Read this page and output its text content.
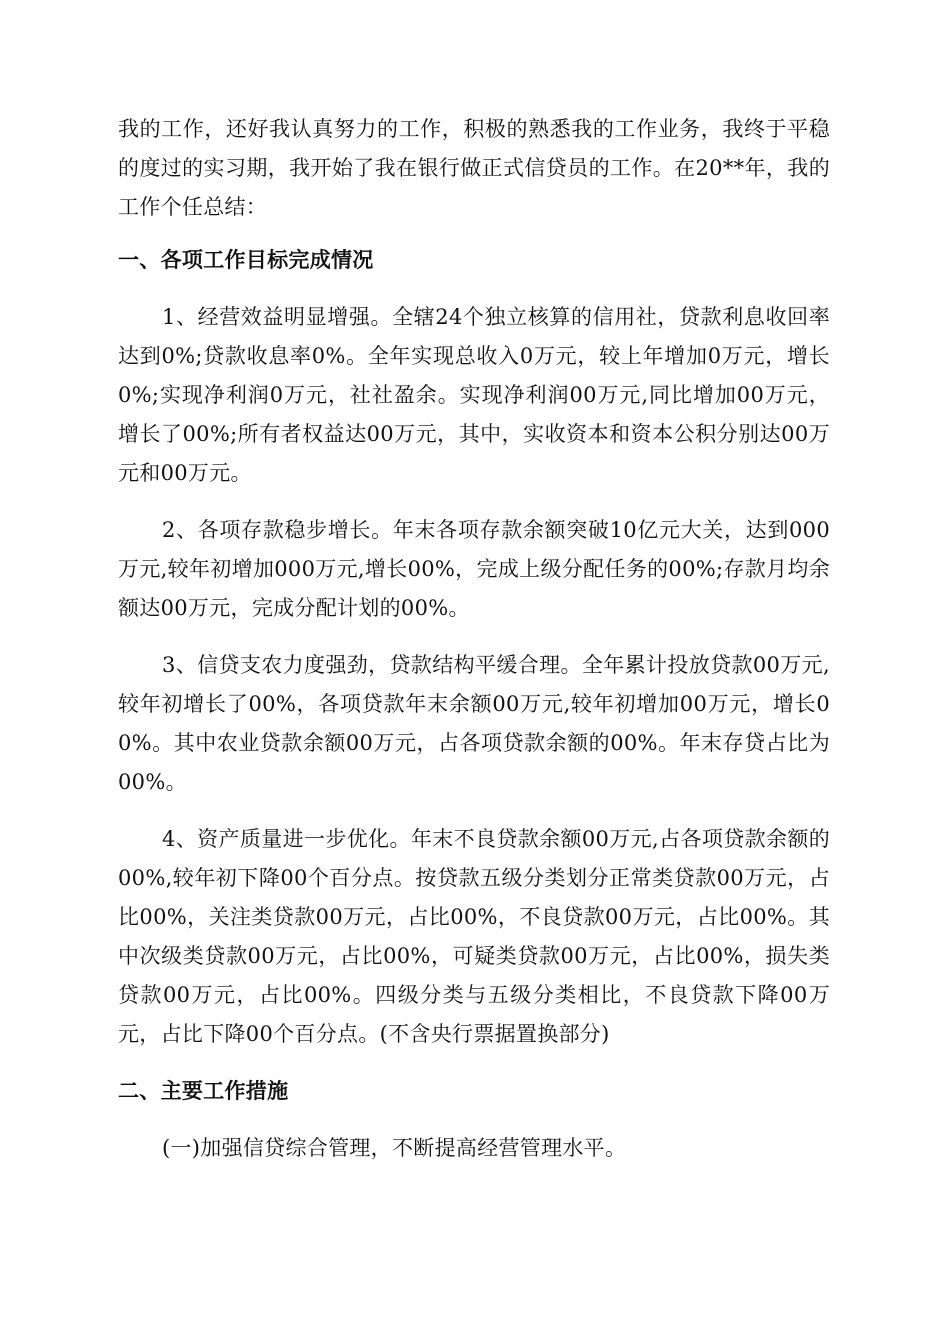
我的工作，还好我认真努力的工作，积极的熟悉我的工作业务，我终于平稳的度过的实习期，我开始了我在银行做正式信贷员的工作。在20**年，我的工作个任总结：

一、各项工作目标完成情况

1、经营效益明显增强。全辖24个独立核算的信用社，贷款利息收回率达到0%;贷款收息率0%。全年实现总收入0万元，较上年增加0万元，增长0%;实现净利润0万元，社社盈余。实现净利润00万元,同比增加00万元，增长了00%;所有者权益达00万元，其中，实收资本和资本公积分别达00万元和00万元。

2、各项存款稳步增长。年末各项存款余额突破10亿元大关，达到000万元,较年初增加000万元,增长00%，完成上级分配任务的00%;存款月均余额达00万元，完成分配计划的00%。

3、信贷支农力度强劲，贷款结构平缓合理。全年累计投放贷款00万元,较年初增长了00%，各项贷款年末余额00万元,较年初增加00万元，增长00%。其中农业贷款余额00万元，占各项贷款余额的00%。年末存贷占比为00%。

4、资产质量进一步优化。年末不良贷款余额00万元,占各项贷款余额的00%,较年初下降00个百分点。按贷款五级分类划分正常类贷款00万元，占比00%，关注类贷款00万元，占比00%，不良贷款00万元，占比00%。其中次级类贷款00万元，占比00%，可疑类贷款00万元，占比00%，损失类贷款00万元，占比00%。四级分类与五级分类相比，不良贷款下降00万元，占比下降00个百分点。(不含央行票据置换部分)

二、主要工作措施

(一)加强信贷综合管理，不断提高经营管理水平。
